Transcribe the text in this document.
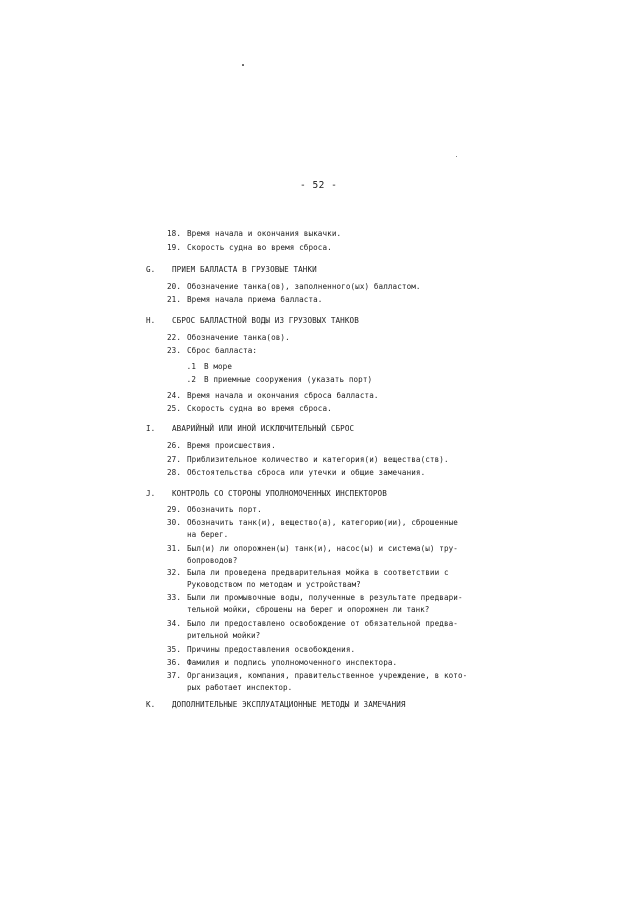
- 52 -
18. Время начала и окончания выкачки.
19. Скорость судна во время сброса.
G. ПРИЕМ БАЛЛАСТА В ГРУЗОВЫЕ ТАНКИ
20. Обозначение танка(ов), заполненного(ых) балластом.
21. Время начала приема балласта.
H. СБРОС БАЛЛАСТНОЙ ВОДЫ ИЗ ГРУЗОВЫХ ТАНКОВ
22. Обозначение танка(ов).
23. Сброс балласта:
.1 В море
.2 В приемные сооружения (указать порт)
24. Время начала и окончания сброса балласта.
25. Скорость судна во время сброса.
I. АВАРИЙНЫЙ ИЛИ ИНОЙ ИСКЛЮЧИТЕЛЬНЫЙ СБРОС
26. Время происшествия.
27. Приблизительное количество и категория(и) вещества(ств).
28. Обстоятельства сброса или утечки и общие замечания.
J. КОНТРОЛЬ СО СТОРОНЫ УПОЛНОМОЧЕННЫХ ИНСПЕКТОРОВ
29. Обозначить порт.
30. Обозначить танк(и), вещество(а), категорию(ии), сброшенные
на берег.
31. Был(и) ли опорожнен(ы) танк(и), насос(ы) и система(ы) тру-
бопроводов?
32. Была ли проведена предварительная мойка в соответствии с
Руководством по методам и устройствам?
33. Были ли промывочные воды, полученные в результате предвари-
тельной мойки, сброшены на берег и опорожнен ли танк?
34. Было ли предоставлено освобождение от обязательной предва-
рительной мойки?
35. Причины предоставления освобождения.
36. Фамилия и подпись уполномоченного инспектора.
37. Организация, компания, правительственное учреждение, в кото-
рых работает инспектор.
K. ДОПОЛНИТЕЛЬНЫЕ ЭКСПЛУАТАЦИОННЫЕ МЕТОДЫ И ЗАМЕЧАНИЯ
